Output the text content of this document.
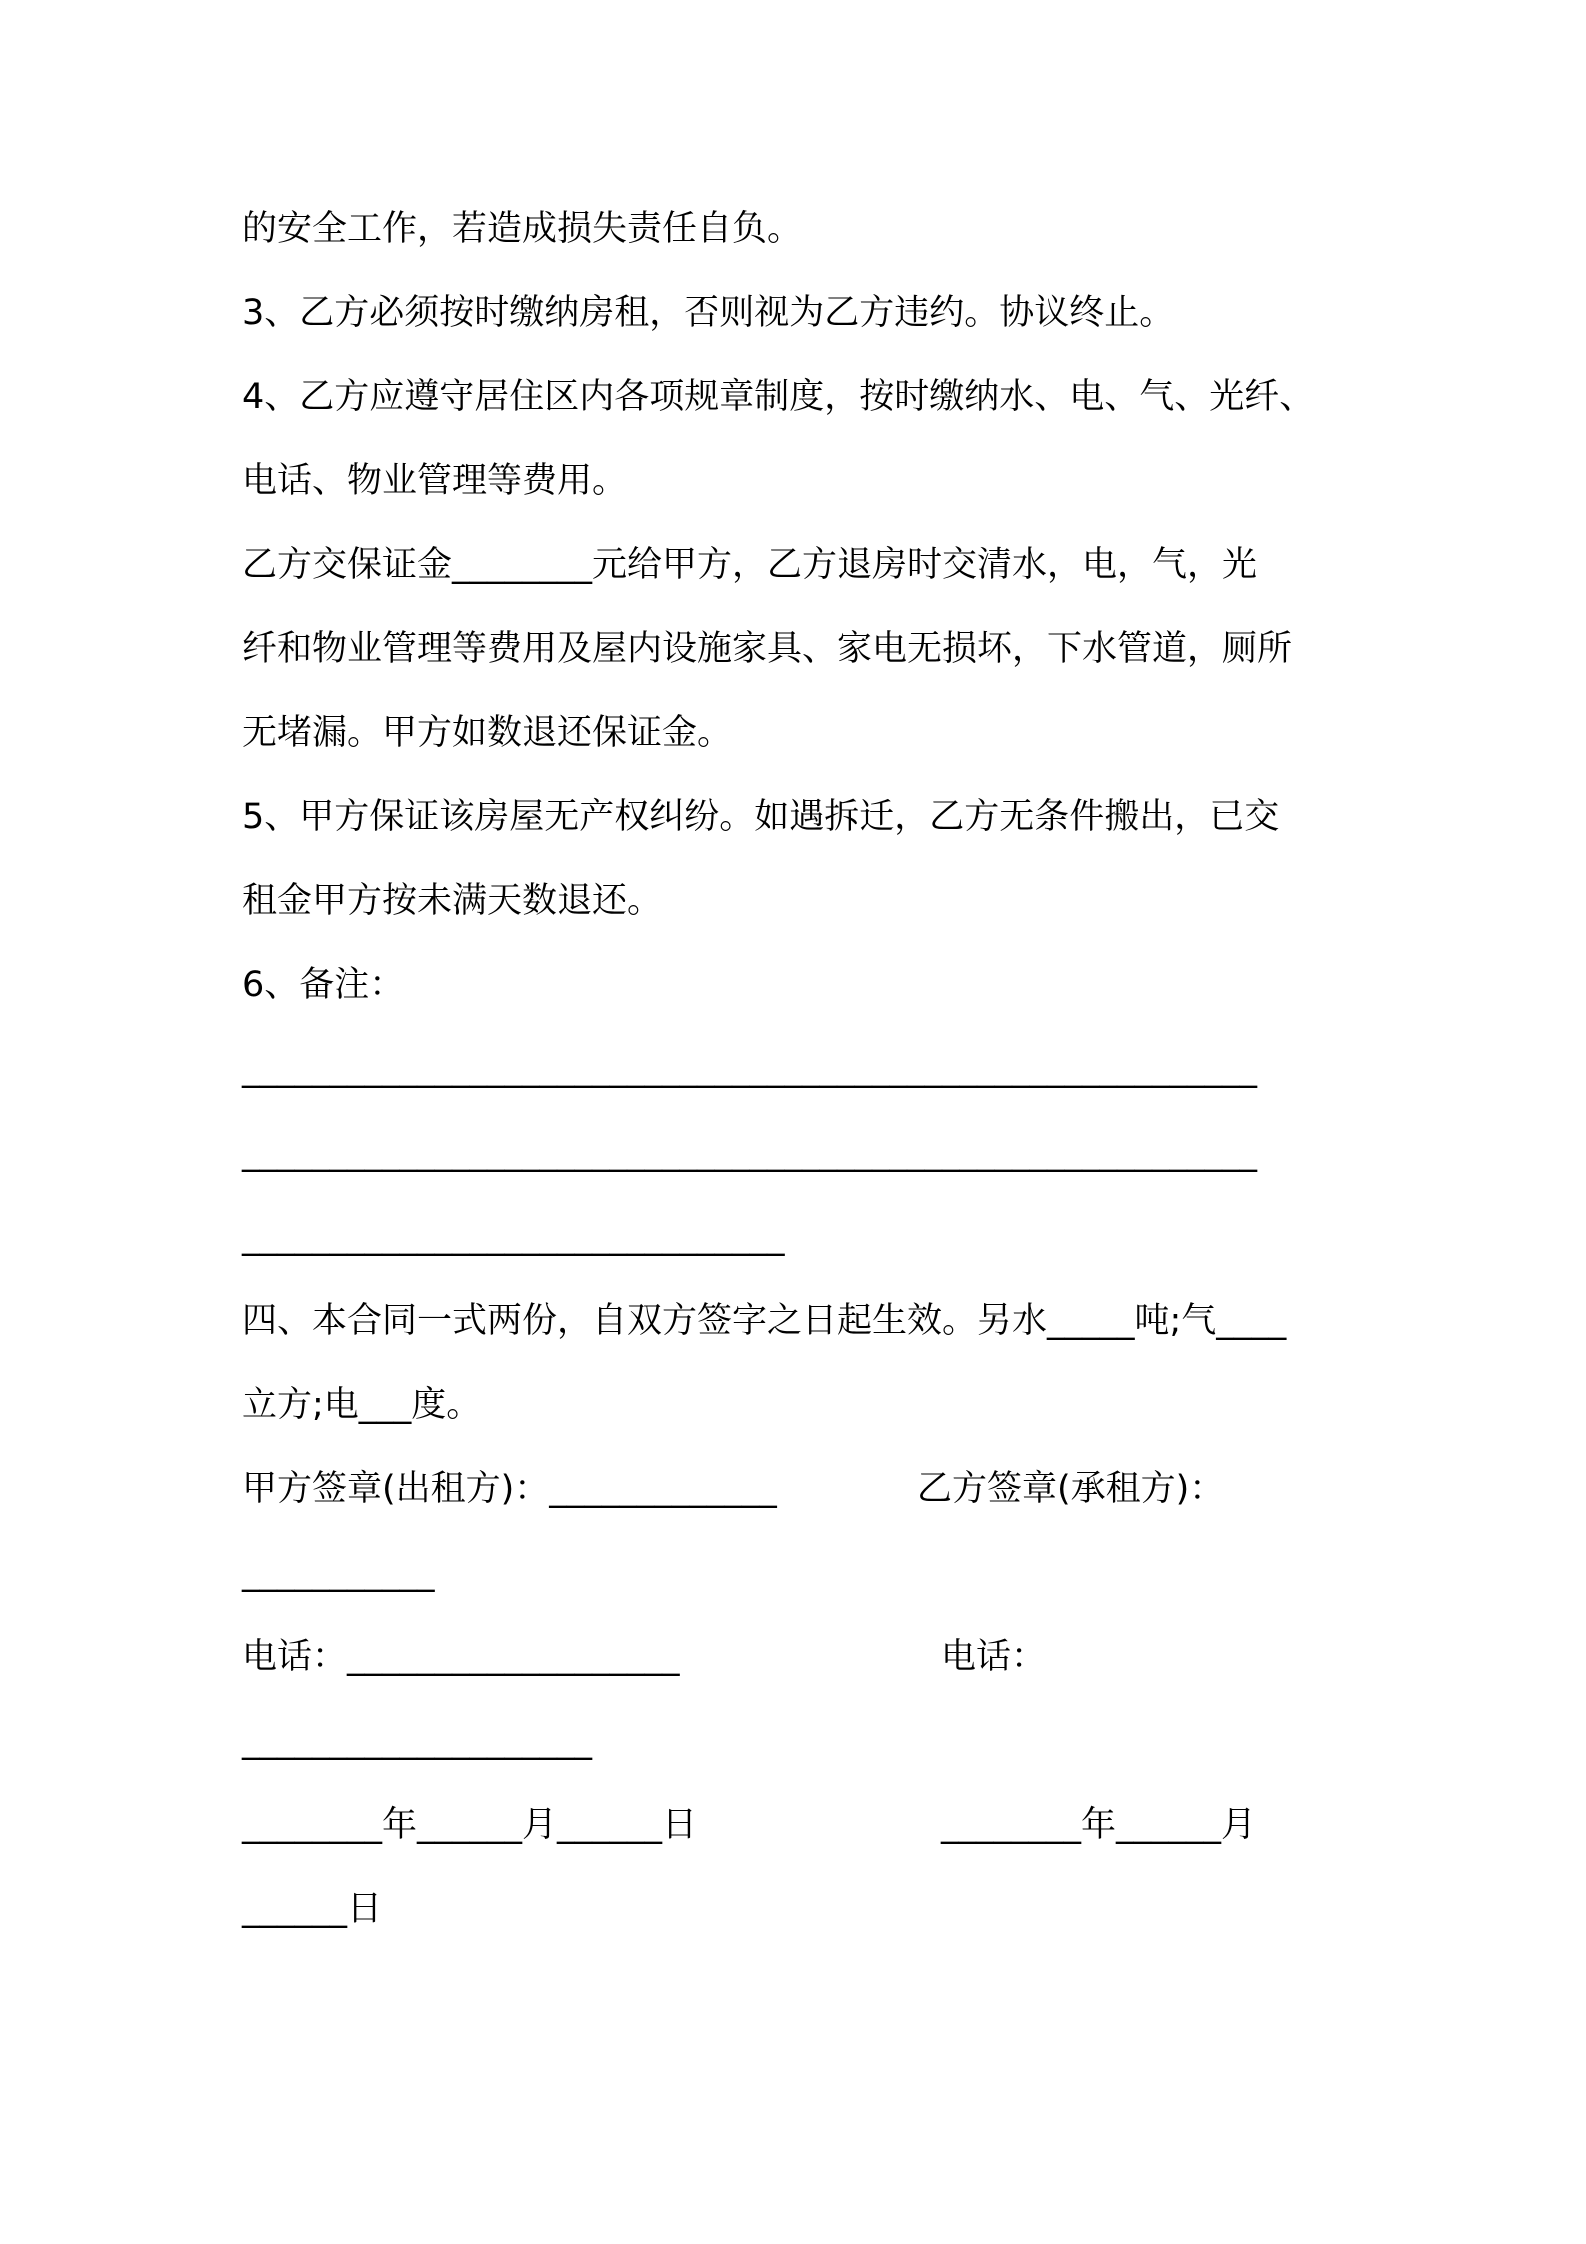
的安全工作，若造成损失责任自负。
3、乙方必须按时缴纳房租，否则视为乙方违约。协议终止。
4、乙方应遵守居住区内各项规章制度，按时缴纳水、电、气、光纤、
电话、物业管理等费用。
乙方交保证金________元给甲方，乙方退房时交清水，电，气，光
纤和物业管理等费用及屋内设施家具、家电无损坏，下水管道，厕所
无堵漏。甲方如数退还保证金。
5、甲方保证该房屋无产权纠纷。如遇拆迁，乙方无条件搬出，已交
租金甲方按未满天数退还。
6、备注：
__________________________________________________________
__________________________________________________________
_______________________________
四、本合同一式两份，自双方签字之日起生效。另水_____吨;气____
立方;电___度。
甲方签章(出租方)：_____________	乙方签章(承租方)：
___________
电话：___________________	电话：
____________________
________年______月______日	________年______月
______日
